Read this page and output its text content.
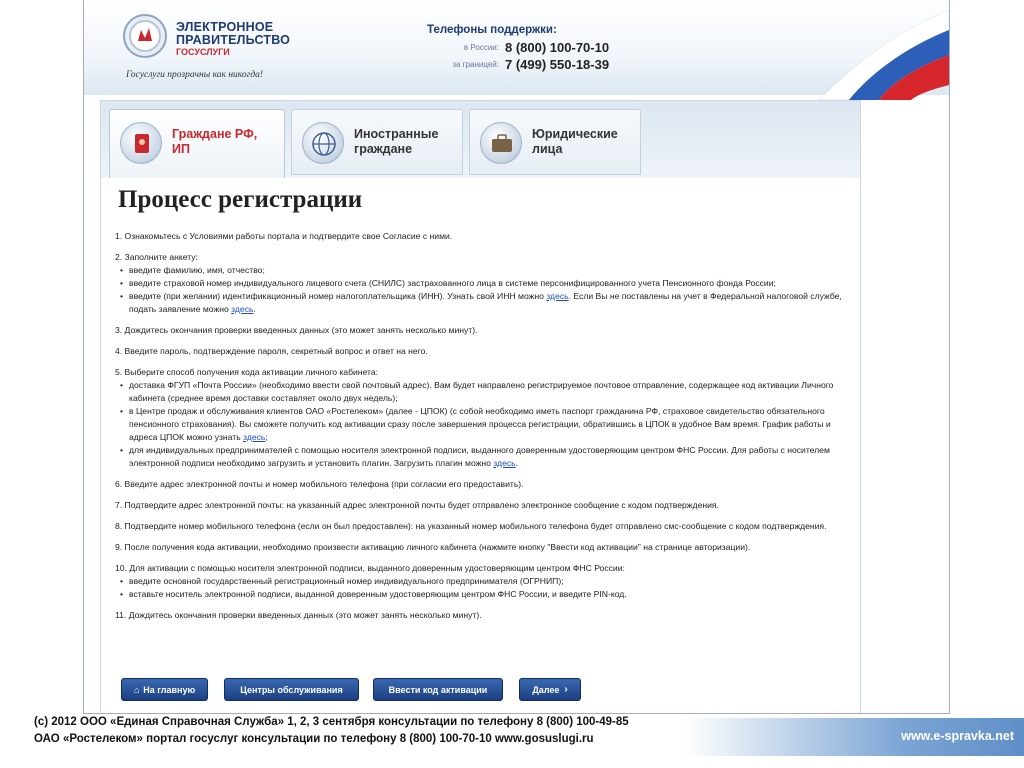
ЭЛЕКТРОННОЕ
ПРАВИТЕЛЬСТВО
ГОСУСЛУГИ
Госуслуги прозрачны как никогда!
Телефоны поддержки:
в России: 8 (800) 100-70-10
за границей: 7 (499) 550-18-39
Граждане РФ, ИП
Иностранные граждане
Юридические лица
Процесс регистрации
1. Ознакомьтесь с Условиями работы портала и подтвердите свое Согласие с ними.
2. Заполните анкету:
• введите фамилию, имя, отчество;
• введите страховой номер индивидуального лицевого счета (СНИЛС) застрахованного лица в системе персонифицированного учета Пенсионного фонда России;
• введите (при желании) идентификационный номер налогоплательщика (ИНН). Узнать свой ИНН можно здесь. Если Вы не поставлены на учет в Федеральной налоговой службе, подать заявление можно здесь.
3. Дождитесь окончания проверки введенных данных (это может занять несколько минут).
4. Введите пароль, подтверждение пароля, секретный вопрос и ответ на него.
5. Выберите способ получения кода активации личного кабинета:
• доставка ФГУП «Почта России» (необходимо ввести свой почтовый адрес). Вам будет направлено регистрируемое почтовое отправление, содержащее код активации Личного кабинета (среднее время доставки составляет около двух недель);
• в Центре продаж и обслуживания клиентов ОАО «Ростелеком» (далее - ЦПОК) (с собой необходимо иметь паспорт гражданина РФ, страховое свидетельство обязательного пенсионного страхования). Вы сможете получить код активации сразу после завершения процесса регистрации, обратившись в ЦПОК в удобное Вам время. График работы и адреса ЦПОК можно узнать здесь;
• для индивидуальных предпринимателей с помощью носителя электронной подписи, выданного доверенным удостоверяющим центром ФНС России. Для работы с носителем электронной подписи необходимо загрузить и установить плагин. Загрузить плагин можно здесь.
6. Введите адрес электронной почты и номер мобильного телефона (при согласии его предоставить).
7. Подтвердите адрес электронной почты: на указанный адрес электронной почты будет отправлено электронное сообщение с кодом подтверждения.
8. Подтвердите номер мобильного телефона (если он был предоставлен): на указанный номер мобильного телефона будет отправлено смс-сообщение с кодом подтверждения.
9. После получения кода активации, необходимо произвести активацию личного кабинета (нажмите кнопку "Ввести код активации" на странице авторизации).
10. Для активации с помощью носителя электронной подписи, выданного доверенным удостоверяющим центром ФНС России:
• введите основной государственный регистрационный номер индивидуального предпринимателя (ОГРНИП);
• вставьте носитель электронной подписи, выданной доверенным удостоверяющим центром ФНС России, и введите PIN-код.
11. Дождитесь окончания проверки введенных данных (это может занять несколько минут).
⌂ На главную	Центры обслуживания	Ввести код активации	Далее ›
(с) 2012 ООО «Единая Справочная Служба» 1, 2, 3 сентября консультации по телефону 8 (800) 100-49-85
ОАО «Ростелеком» портал госуслуг консультации по телефону 8 (800) 100-70-10 www.gosuslugi.ru	www.e-spravka.net
